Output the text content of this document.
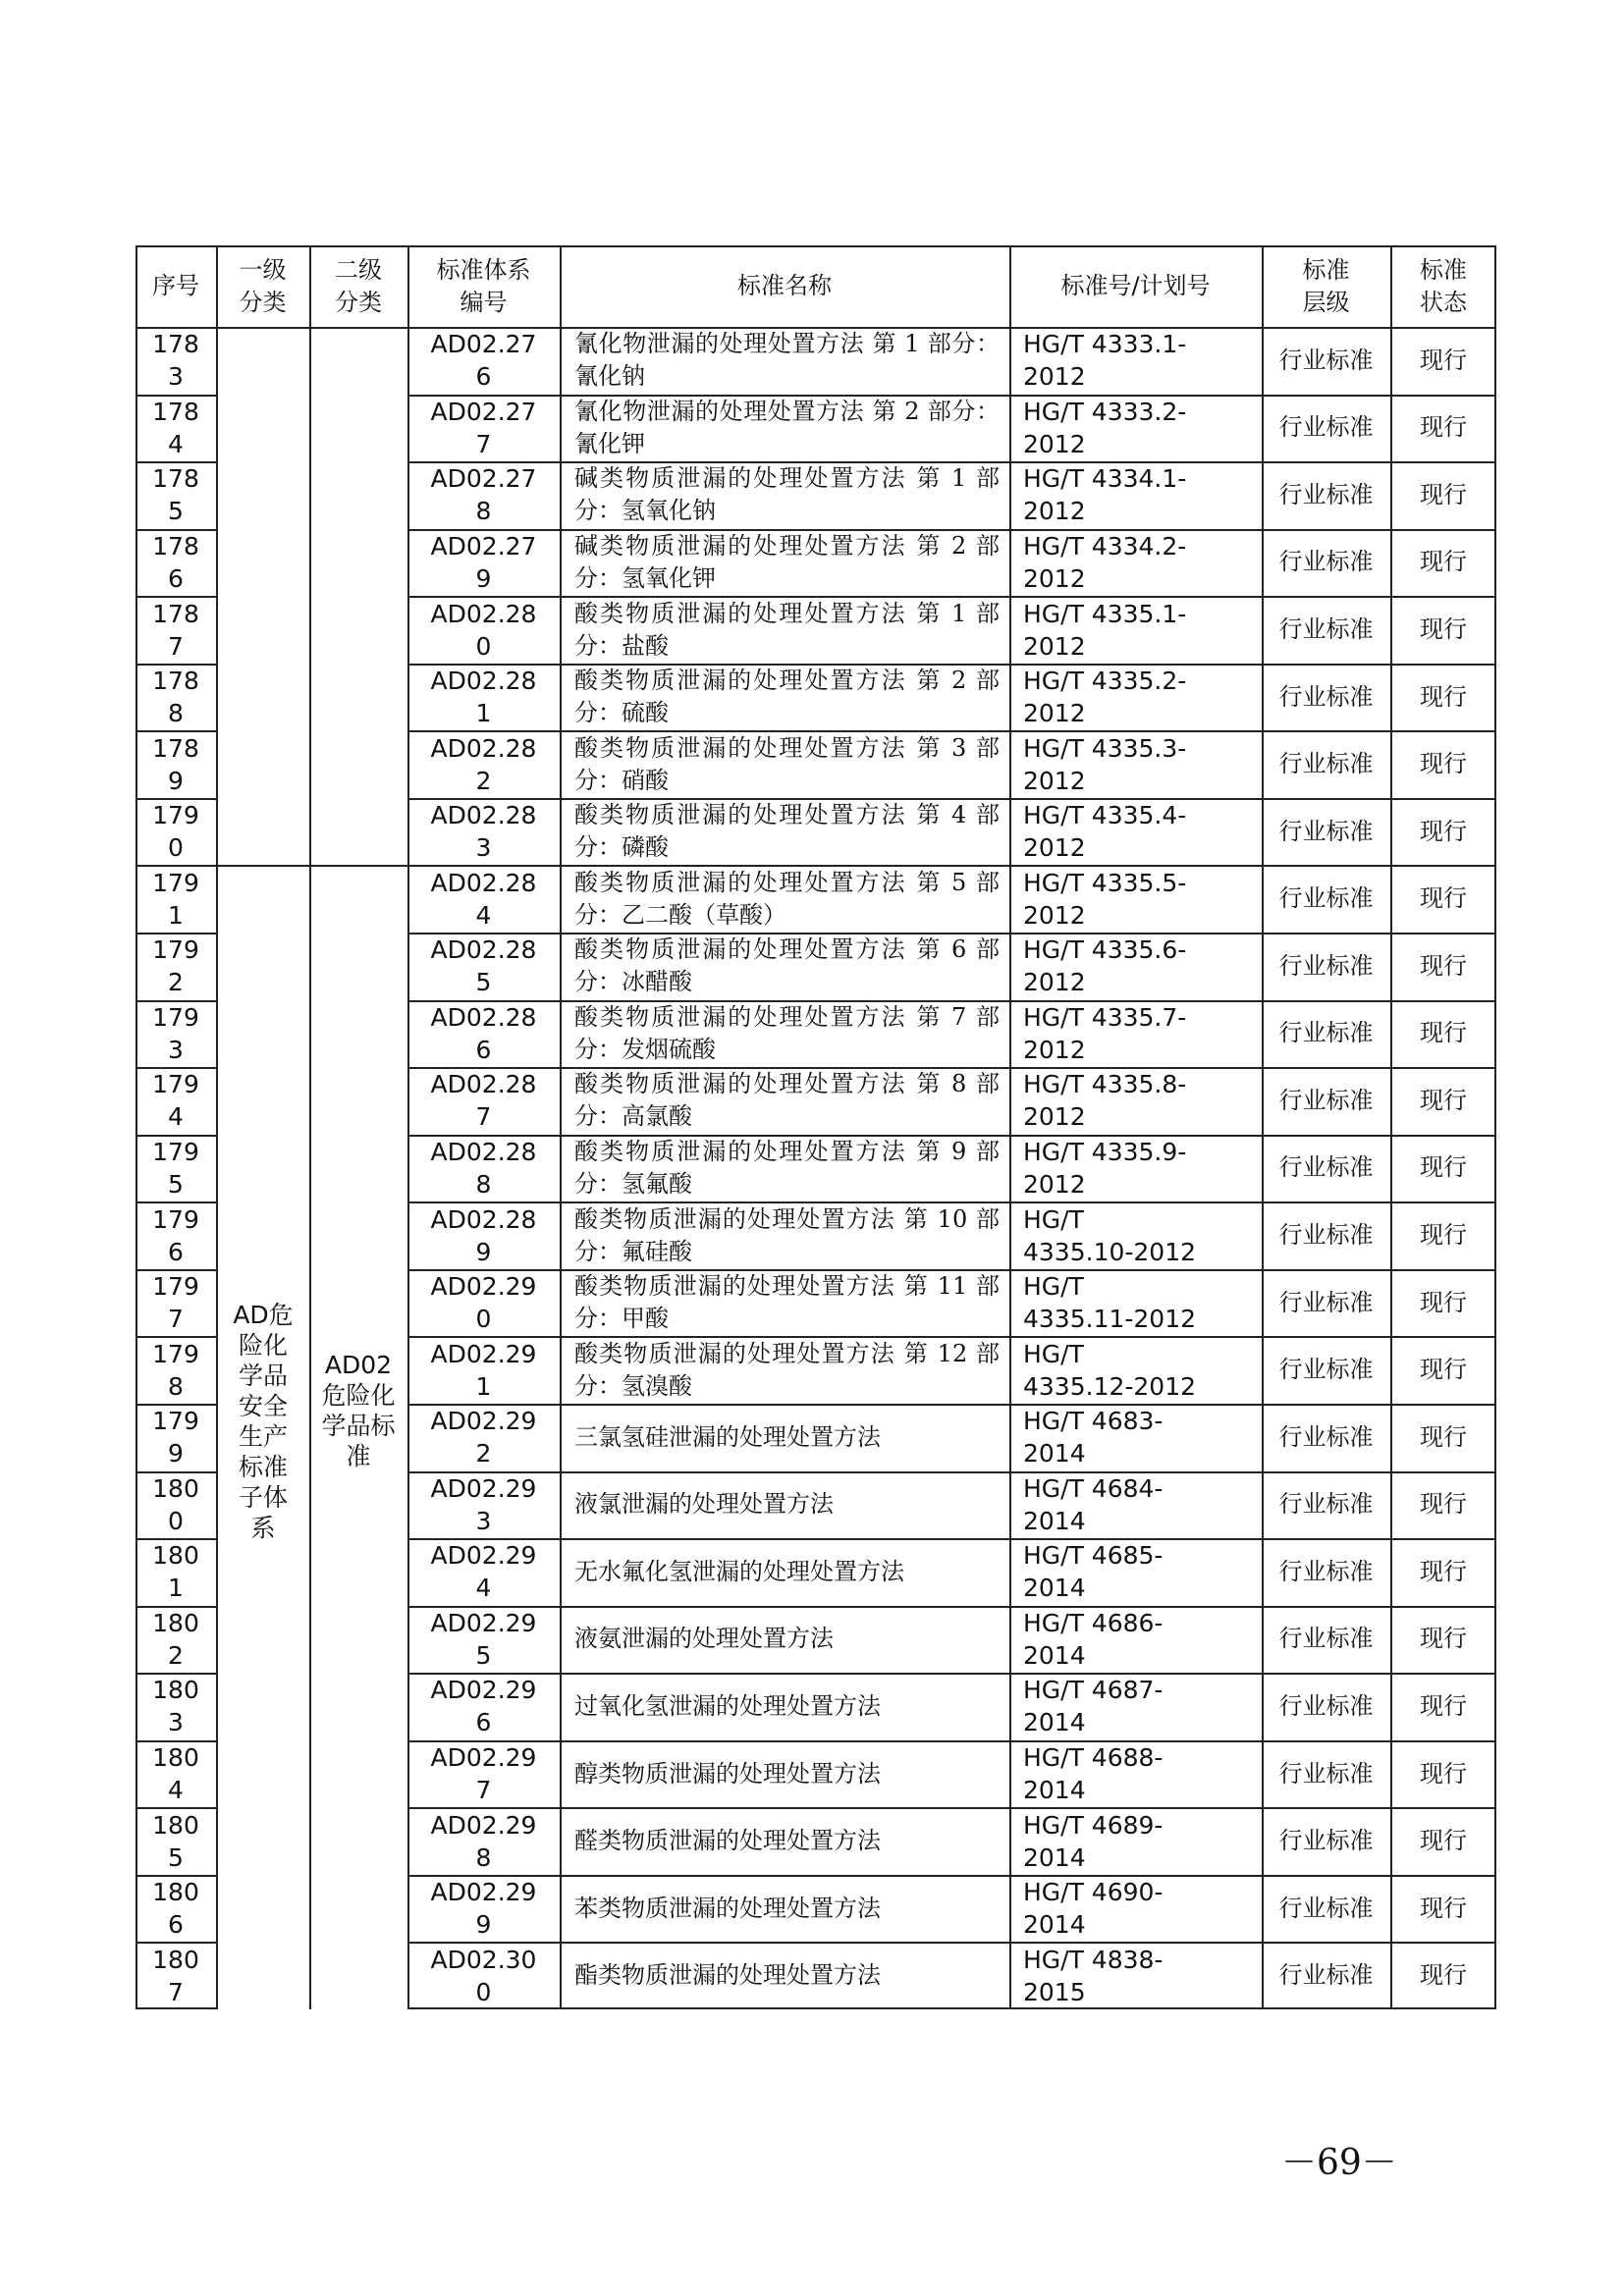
序号
一级分类
二级分类
标准体系编号
标准名称	标准号/计划号
标准层级
标准状态
1783
AD02.276
氰化物泄漏的处理处置方法 第 1 部分：氰化钠
HG/T 4333.1-2012
行业标准 现行
1784
AD02.277
氰化物泄漏的处理处置方法 第 2 部分：氰化钾
HG/T 4333.2-2012
行业标准 现行
1785
AD02.278
碱类物质泄漏的处理处置方法 第 1 部分：氢氧化钠
HG/T 4334.1-2012
行业标准 现行
1786
AD02.279
碱类物质泄漏的处理处置方法 第 2 部分：氢氧化钾
HG/T 4334.2-2012
行业标准 现行
1787
AD02.280
酸类物质泄漏的处理处置方法 第 1 部分：盐酸
HG/T 4335.1-2012
行业标准 现行
1788
AD02.281
酸类物质泄漏的处理处置方法 第 2 部分：硫酸
HG/T 4335.2-2012
行业标准 现行
1789
AD02.282
酸类物质泄漏的处理处置方法 第 3 部分：硝酸
HG/T 4335.3-2012
行业标准 现行
1790
AD02.283
酸类物质泄漏的处理处置方法 第 4 部分：磷酸
HG/T 4335.4-2012
行业标准 现行
1791
AD02.284
酸类物质泄漏的处理处置方法 第 5 部分：乙二酸（草酸）
HG/T 4335.5-2012
行业标准 现行
1792
AD02.285
酸类物质泄漏的处理处置方法 第 6 部分：冰醋酸
HG/T 4335.6-2012
行业标准 现行
1793
AD02.286
酸类物质泄漏的处理处置方法 第 7 部分：发烟硫酸
HG/T 4335.7-2012
行业标准 现行
1794
AD02.287
酸类物质泄漏的处理处置方法 第 8 部分：高氯酸
HG/T 4335.8-2012
行业标准 现行
1795
AD02.288
酸类物质泄漏的处理处置方法 第 9 部分：氢氟酸
HG/T 4335.9-2012
行业标准 现行
1796
AD02.289
酸类物质泄漏的处理处置方法 第 10 部分：氟硅酸
HG/T 4335.10-2012
行业标准 现行
1797
AD02.290
酸类物质泄漏的处理处置方法 第 11 部分：甲酸
HG/T 4335.11-2012
行业标准 现行
1798
AD02.291
酸类物质泄漏的处理处置方法 第 12 部分：氢溴酸
HG/T 4335.12-2012
行业标准 现行
1799
AD02.292
三氯氢硅泄漏的处理处置方法
HG/T 4683-2014
行业标准 现行
1800
AD02.293
液氯泄漏的处理处置方法
HG/T 4684-2014
行业标准 现行
1801
AD02.294
无水氟化氢泄漏的处理处置方法
HG/T 4685-2014
行业标准 现行
1802
AD02.295
液氨泄漏的处理处置方法
HG/T 4686-2014
行业标准 现行
1803
AD02.296
过氧化氢泄漏的处理处置方法
HG/T 4687-2014
行业标准 现行
1804
AD02.297
醇类物质泄漏的处理处置方法
HG/T 4688-2014
行业标准 现行
1805
AD02.298
醛类物质泄漏的处理处置方法
HG/T 4689-2014
行业标准 现行
1806
AD02.299
苯类物质泄漏的处理处置方法
HG/T 4690-2014
行业标准 现行
1807
AD02.300
酯类物质泄漏的处理处置方法
HG/T 4838-2015
行业标准 现行
AD危险化学品安全生产标准子体系
AD02危险化学品标准
－69－
